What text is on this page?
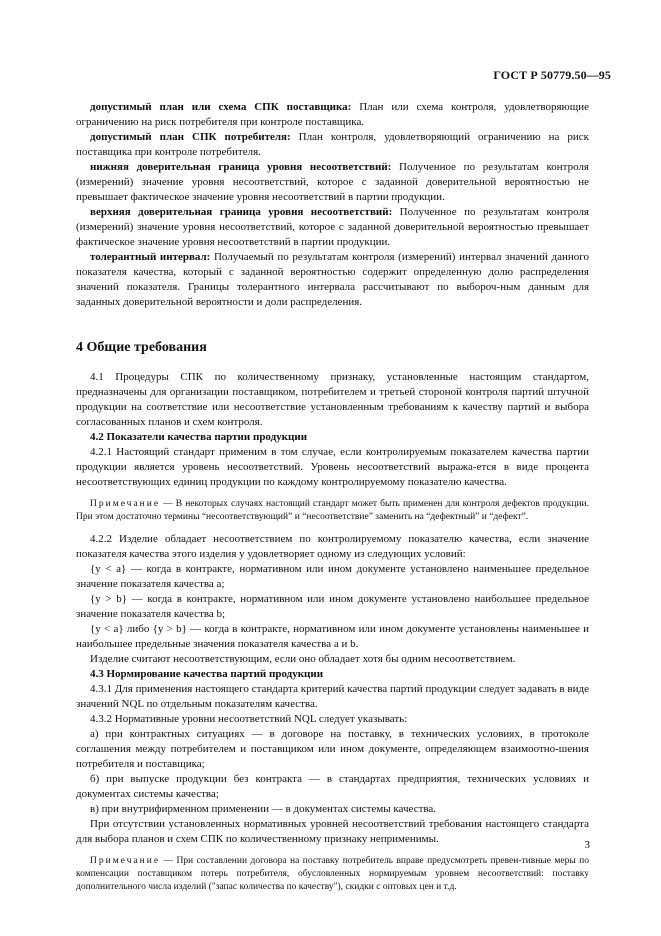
ГОСТ Р 50779.50—95

допустимый план или схема СПК поставщика: План или схема контроля, удовлетворяющие ограничению на риск потребителя при контроле поставщика.

допустимый план СПК потребителя: План контроля, удовлетворяющий ограничению на риск поставщика при контроле потребителя.

нижняя доверительная граница уровня несоответствий: Полученное по результатам контроля (измерений) значение уровня несоответствий, которое с заданной доверительной вероятностью не превышает фактическое значение уровня несоответствий в партии продукции.

верхняя доверительная граница уровня несоответствий: Полученное по результатам контроля (измерений) значение уровня несоответствий, которое с заданной доверительной вероятностью превышает фактическое значение уровня несоответствий в партии продукции.

толерантный интервал: Получаемый по результатам контроля (измерений) интервал значений данного показателя качества, который с заданной вероятностью содержит определенную долю распределения значений показателя. Границы толерантного интервала рассчитывают по выбороч-ным данным для заданных доверительной вероятности и доли распределения.

4 Общие требования

4.1 Процедуры СПК по количественному признаку, установленные настоящим стандартом, предназначены для организации поставщиком, потребителем и третьей стороной контроля партий штучной продукции на соответствие или несоответствие установленным требованиям к качеству партий и выбора согласованных планов и схем контроля.

4.2 Показатели качества партии продукции

4.2.1 Настоящий стандарт применим в том случае, если контролируемым показателем качества партии продукции является уровень несоответствий. Уровень несоответствий выража-ется в виде процента несоответствующих единиц продукции по каждому контролируемому показателю качества.

Примечание — В некоторых случаях настоящий стандарт может быть применен для контроля дефектов продукции. При этом достаточно термины “несоответствующий” и “несоответствие” заменить на “дефектный” и “дефект”.

4.2.2 Изделие обладает несоответствием по контролируемому показателю качества, если значение показателя качества этого изделия y удовлетворяет одному из следующих условий:

{y < a} — когда в контракте, нормативном или ином документе установлено наименьшее предельное значение показателя качества a;

{y > b} — когда в контракте, нормативном или ином документе установлено наибольшее предельное значение показателя качества b;

{y < a} либо {y > b} — когда в контракте, нормативном или ином документе установлены наименьшее и наибольшее предельные значения показателя качества a и b.

Изделие считают несоответствующим, если оно обладает хотя бы одним несоответствием.

4.3 Нормирование качества партий продукции

4.3.1 Для применения настоящего стандарта критерий качества партий продукции следует задавать в виде значений NQL по отдельным показателям качества.

4.3.2 Нормативные уровни несоответствий NQL следует указывать:

а) при контрактных ситуациях — в договоре на поставку, в технических условиях, в протоколе соглашения между потребителем и поставщиком или ином документе, определяющем взаимоотно-шения потребителя и поставщика;

б) при выпуске продукции без контракта — в стандартах предприятия, технических условиях и документах системы качества;

в) при внутрифирменном применении — в документах системы качества.

При отсутствии установленных нормативных уровней несоответствий требования настоящего стандарта для выбора планов и схем СПК по количественному признаку неприменимы.

Примечание — При составлении договора на поставку потребитель вправе предусмотреть превен-тивные меры по компенсации поставщиком потерь потребителя, обусловленных нормируемым уровнем несоответствий: поставку дополнительного числа изделий ("запас количества по качеству"), скидки с оптовых цен и т.д.

3
